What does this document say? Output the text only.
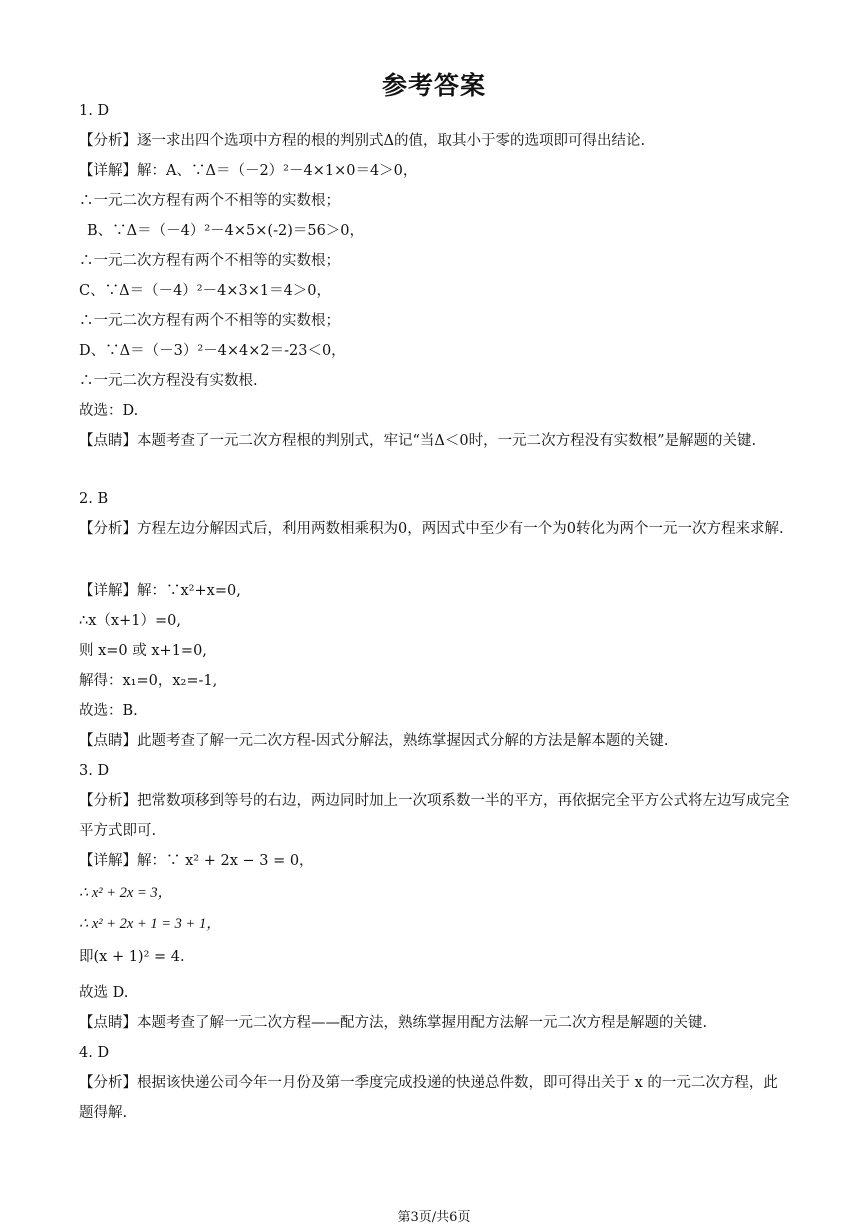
参考答案
1. D
【分析】逐一求出四个选项中方程的根的判别式Δ的值，取其小于零的选项即可得出结论.
【详解】解：A、∵Δ＝（－2）²－4×1×0＝4＞0，
∴一元二次方程有两个不相等的实数根；
B、∵Δ＝（－4）²－4×5×(-2)＝56＞0，
∴一元二次方程有两个不相等的实数根；
C、∵Δ＝（－4）²－4×3×1＝4＞0，
∴一元二次方程有两个不相等的实数根；
D、∵Δ＝（－3）²－4×4×2＝-23＜0，
∴一元二次方程没有实数根.
故选：D.
【点睛】本题考查了一元二次方程根的判别式，牢记“当Δ＜0时，一元二次方程没有实数根”是解题的关键.
2. B
【分析】方程左边分解因式后，利用两数相乘积为0，两因式中至少有一个为0转化为两个一元一次方程来求解.
【详解】解：∵x²+x=0,
∴x（x+1）=0,
则 x=0 或 x+1=0,
解得：x₁=0，x₂=-1,
故选：B.
【点睛】此题考查了解一元二次方程-因式分解法，熟练掌握因式分解的方法是解本题的关键.
3. D
【分析】把常数项移到等号的右边，两边同时加上一次项系数一半的平方，再依据完全平方公式将左边写成完全平方式即可.
【详解】解：∵ x² + 2x − 3 = 0，
∴ x² + 2x = 3，
∴ x² + 2x + 1 = 3 + 1，
即(x + 1)² = 4.
故选 D.
【点睛】本题考查了解一元二次方程——配方法，熟练掌握用配方法解一元二次方程是解题的关键.
4. D
【分析】根据该快递公司今年一月份及第一季度完成投递的快递总件数，即可得出关于 x 的一元二次方程，此题得解.
第3页/共6页
